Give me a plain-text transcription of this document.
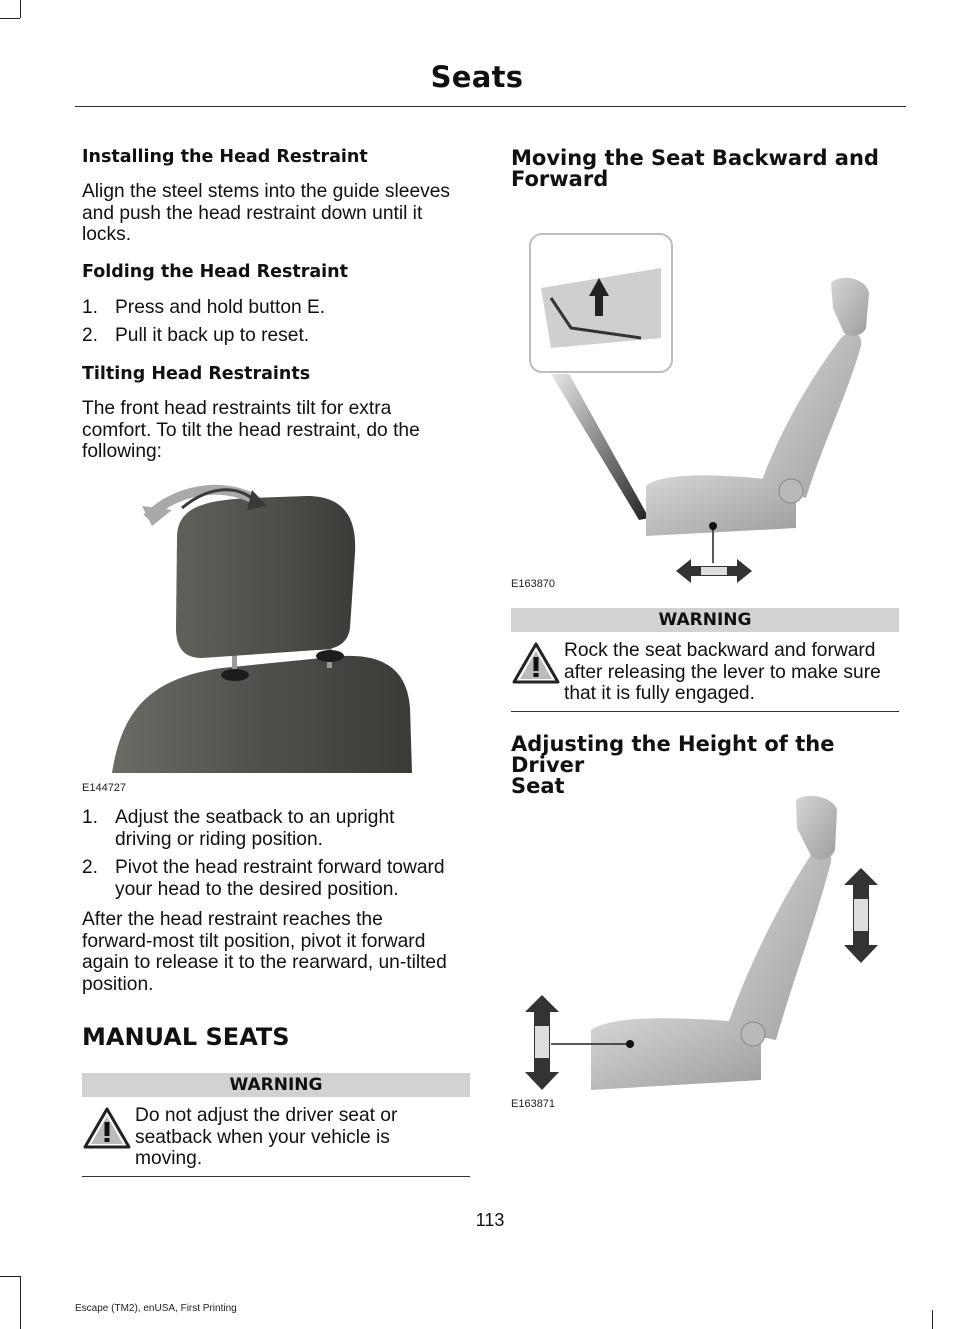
Seats
Installing the Head Restraint
Align the steel stems into the guide sleeves
and push the head restraint down until it
locks.
Folding the Head Restraint
1. Press and hold button E.
2. Pull it back up to reset.
Tilting Head Restraints
The front head restraints tilt for extra
comfort. To tilt the head restraint, do the
following:
E144727
1. Adjust the seatback to an upright
driving or riding position.
2. Pivot the head restraint forward toward
your head to the desired position.
After the head restraint reaches the
forward-most tilt position, pivot it forward
again to release it to the rearward, un-tilted
position.
MANUAL SEATS
WARNING
Do not adjust the driver seat or
seatback when your vehicle is
moving.
Moving the Seat Backward and
Forward
E163870
WARNING
Rock the seat backward and forward
after releasing the lever to make sure
that it is fully engaged.
Adjusting the Height of the Driver
Seat
E163871
113
Escape (TM2), enUSA, First Printing
